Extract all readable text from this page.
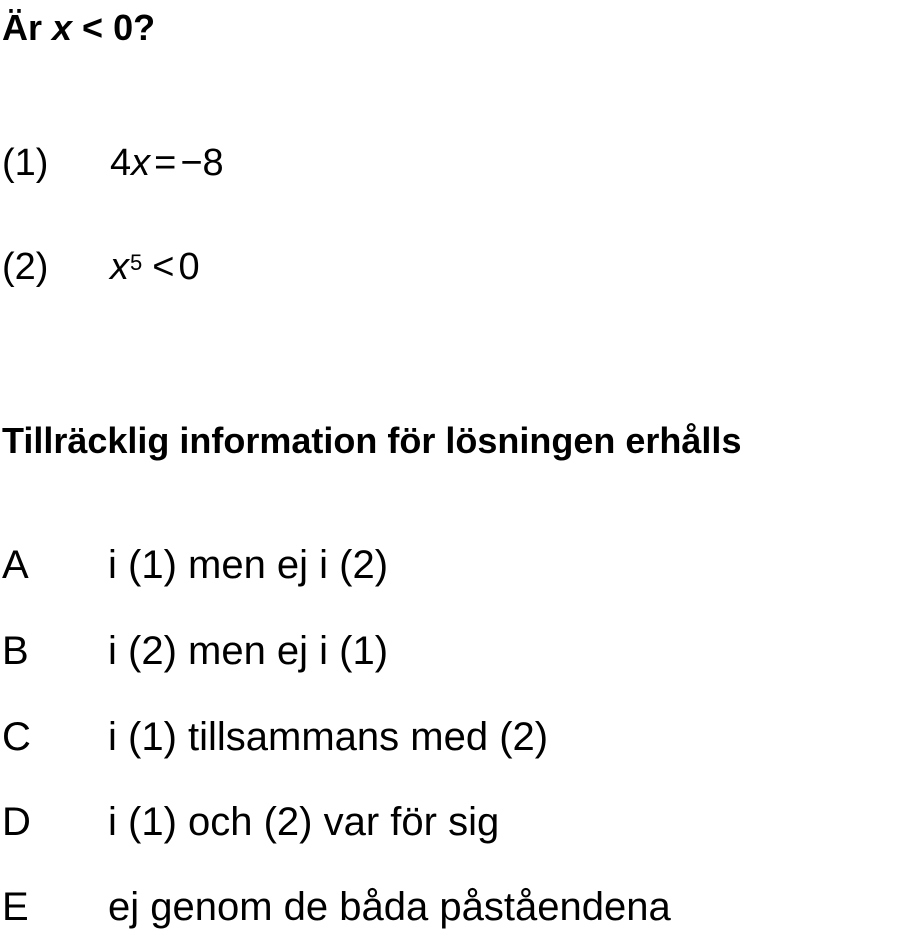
Är x < 0?
(1) 4x = −8
(2) $x^5 < 0$
Tillräcklig information för lösningen erhålls
A i (1) men ej i (2)
B i (2) men ej i (1)
C i (1) tillsammans med (2)
D i (1) och (2) var för sig
E ej genom de båda påståendena
